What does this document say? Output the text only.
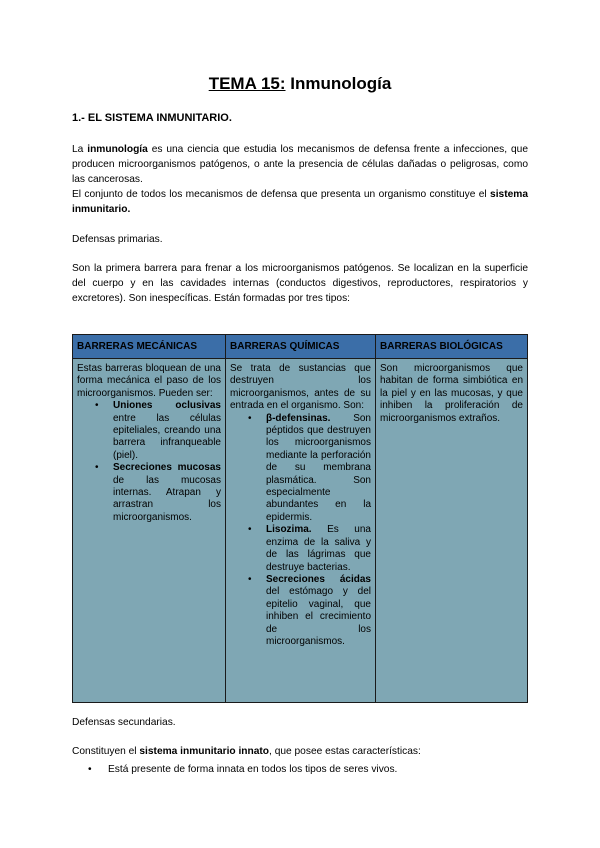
TEMA 15: Inmunología
1.- EL SISTEMA INMUNITARIO.
La inmunología es una ciencia que estudia los mecanismos de defensa frente a infecciones, que producen microorganismos patógenos, o ante la presencia de células dañadas o peligrosas, como las cancerosas.
El conjunto de todos los mecanismos de defensa que presenta un organismo constituye el sistema inmunitario.
Defensas primarias.
Son la primera barrera para frenar a los microorganismos patógenos. Se localizan en la superficie del cuerpo y en las cavidades internas (conductos digestivos, reproductores, respiratorios y excretores). Son inespecíficas. Están formadas por tres tipos:
BARRERAS MECÁNICAS
Estas barreras bloquean de una forma mecánica el paso de los microorganismos. Pueden ser:
• Uniones oclusivas entre las células epiteliales, creando una barrera infranqueable (piel).
• Secreciones mucosas de las mucosas internas. Atrapan y arrastran los microorganismos.
BARRERAS QUÍMICAS
Se trata de sustancias que destruyen los microorganismos, antes de su entrada en el organismo. Son:
• β-defensinas. Son péptidos que destruyen los microorganismos mediante la perforación de su membrana plasmática. Son especialmente abundantes en la epidermis.
• Lisozima. Es una enzima de la saliva y de las lágrimas que destruye bacterias.
• Secreciones ácidas del estómago y del epitelio vaginal, que inhiben el crecimiento de los microorganismos.
BARRERAS BIOLÓGICAS
Son microorganismos que habitan de forma simbiótica en la piel y en las mucosas, y que inhiben la proliferación de microorganismos extraños.
Defensas secundarias.
Constituyen el sistema inmunitario innato, que posee estas características:
• Está presente de forma innata en todos los tipos de seres vivos.
